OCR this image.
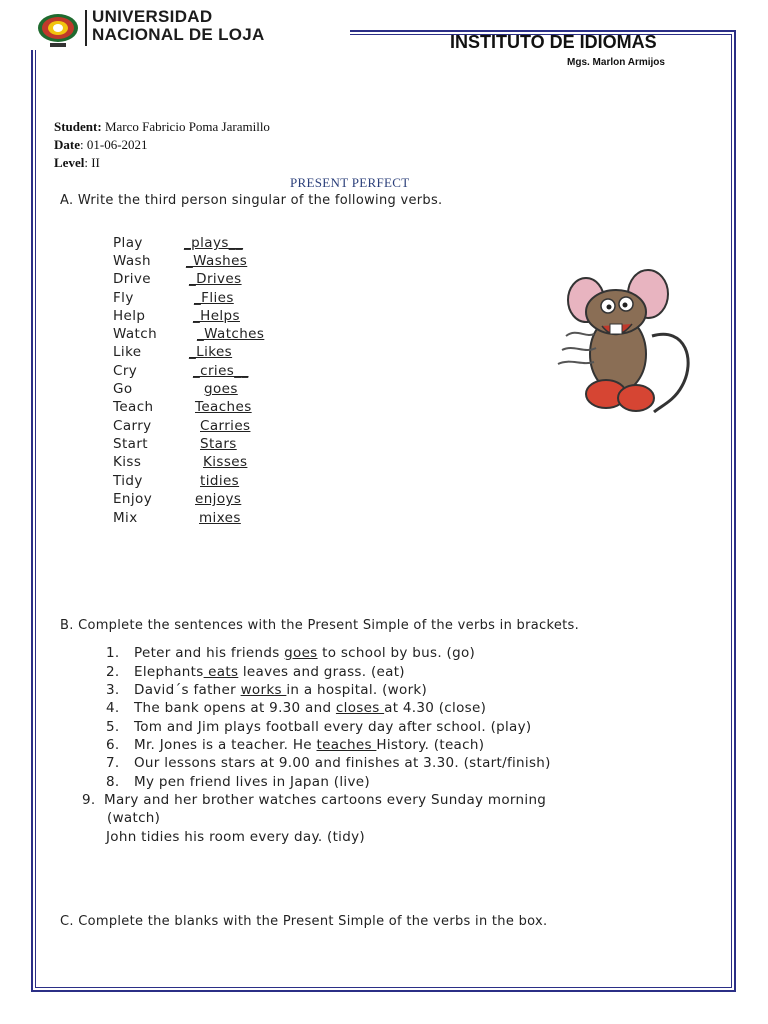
UNIVERSIDAD
NACIONAL DE LOJA	INSTITUTO DE IDIOMAS
Mgs. Marlon Armijos
Student: Marco Fabricio Poma Jaramillo
Date: 01-06-2021
Level: II
PRESENT PERFECT
A. Write the third person singular of the following verbs.
Play	_plays__
Wash	_Washes
Drive	_Drives
Fly	_Flies
Help	_Helps
Watch	_Watches
Like	_Likes
Cry	_cries__
Go	goes
Teach	Teaches
Carry	Carries
Start	Stars
Kiss	Kisses
Tidy	tidies
Enjoy	enjoys
Mix	mixes
B. Complete the sentences with the Present Simple of the verbs in brackets.
1. Peter and his friends goes to school by bus. (go)
2. Elephants eats leaves and grass. (eat)
3. David´s father works in a hospital. (work)
4. The bank opens at 9.30 and closes at 4.30 (close)
5. Tom and Jim plays football every day after school. (play)
6. Mr. Jones is a teacher. He teaches History. (teach)
7. Our lessons stars at 9.00 and finishes at 3.30. (start/finish)
8. My pen friend lives in Japan (live)
9. Mary and her brother watches cartoons every Sunday morning
(watch)
John tidies his room every day. (tidy)
C. Complete the blanks with the Present Simple of the verbs in the box.
